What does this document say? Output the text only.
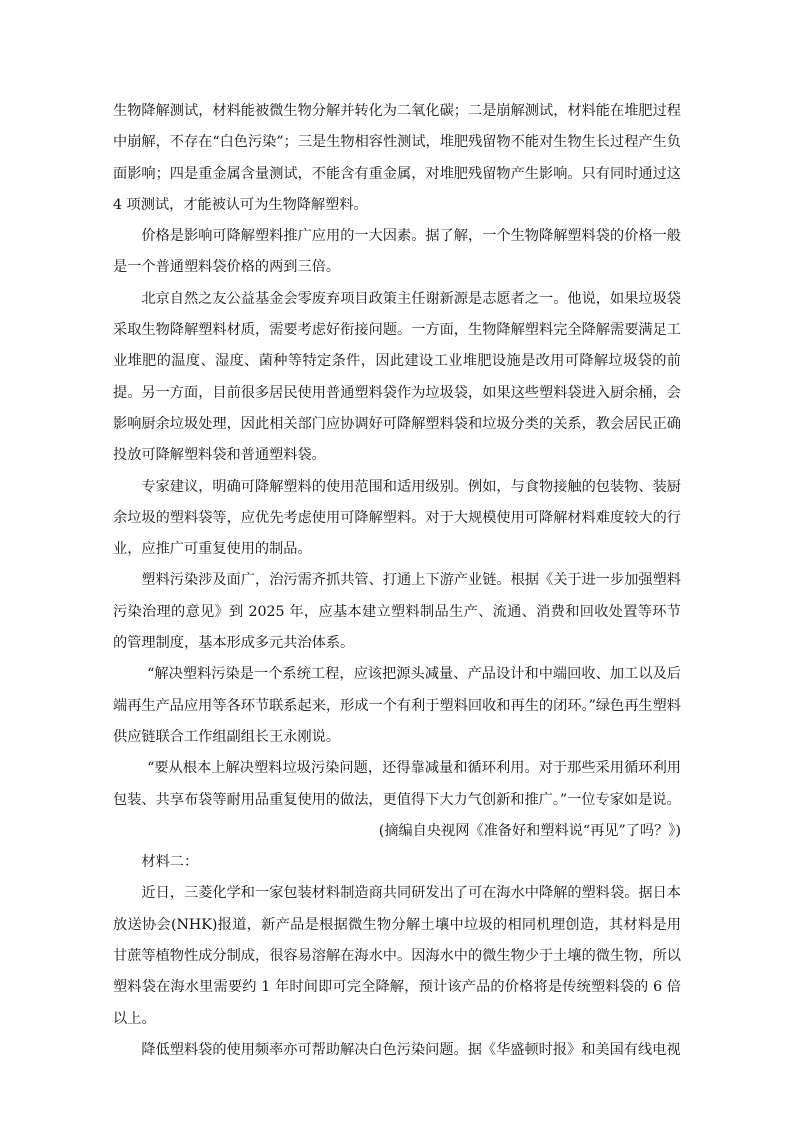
生物降解测试，材料能被微生物分解并转化为二氧化碳；二是崩解测试，材料能在堆肥过程中崩解，不存在“白色污染”；三是生物相容性测试，堆肥残留物不能对生物生长过程产生负面影响；四是重金属含量测试，不能含有重金属，对堆肥残留物产生影响。只有同时通过这 4 项测试，才能被认可为生物降解塑料。

价格是影响可降解塑料推广应用的一大因素。据了解，一个生物降解塑料袋的价格一般是一个普通塑料袋价格的两到三倍。

北京自然之友公益基金会零废弃项目政策主任谢新源是志愿者之一。他说，如果垃圾袋采取生物降解塑料材质，需要考虑好衔接问题。一方面，生物降解塑料完全降解需要满足工业堆肥的温度、湿度、菌种等特定条件，因此建设工业堆肥设施是改用可降解垃圾袋的前提。另一方面，目前很多居民使用普通塑料袋作为垃圾袋，如果这些塑料袋进入厨余桶，会影响厨余垃圾处理，因此相关部门应协调好可降解塑料袋和垃圾分类的关系，教会居民正确投放可降解塑料袋和普通塑料袋。

专家建议，明确可降解塑料的使用范围和适用级别。例如，与食物接触的包装物、装厨余垃圾的塑料袋等，应优先考虑使用可降解塑料。对于大规模使用可降解材料难度较大的行业，应推广可重复使用的制品。

塑料污染涉及面广，治污需齐抓共管、打通上下游产业链。根据《关于进一步加强塑料污染治理的意见》到 2025 年，应基本建立塑料制品生产、流通、消费和回收处置等环节的管理制度，基本形成多元共治体系。

“解决塑料污染是一个系统工程，应该把源头减量、产品设计和中端回收、加工以及后端再生产品应用等各环节联系起来，形成一个有利于塑料回收和再生的闭环。”绿色再生塑料供应链联合工作组副组长王永刚说。

“要从根本上解决塑料垃圾污染问题，还得靠减量和循环利用。对于那些采用循环利用包装、共享布袋等耐用品重复使用的做法，更值得下大力气创新和推广。”一位专家如是说。

(摘编自央视网《准备好和塑料说“再见”了吗？》)

材料二：

近日，三菱化学和一家包装材料制造商共同研发出了可在海水中降解的塑料袋。据日本放送协会(NHK)报道，新产品是根据微生物分解土壤中垃圾的相同机理创造，其材料是用甘蔗等植物性成分制成，很容易溶解在海水中。因海水中的微生物少于土壤的微生物，所以塑料袋在海水里需要约 1 年时间即可完全降解，预计该产品的价格将是传统塑料袋的 6 倍以上。

降低塑料袋的使用频率亦可帮助解决白色污染问题。据《华盛顿时报》和美国有线电视
